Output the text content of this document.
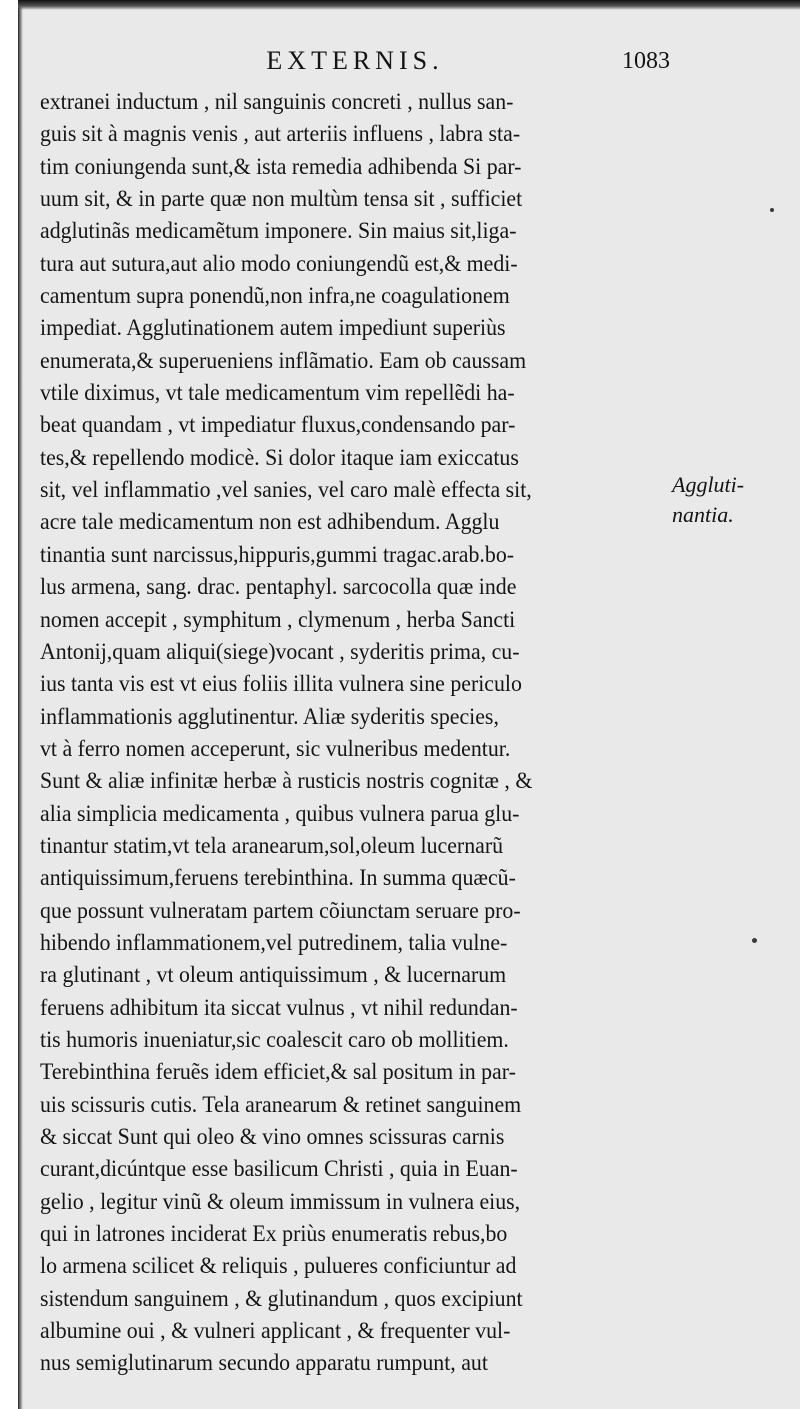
EXTERNIS.	1083
extranei inductum , nil sanguinis concreti , nullus san-
guis sit à magnis venis , aut arteriis influens , labra sta-
tim coniungenda sunt,& ista remedia adhibenda Si par-
uum sit, & in parte quæ non multùm tensa sit , sufficiet
adglutinãs medicamẽtum imponere. Sin maius sit,liga-
tura aut sutura,aut alio modo coniungendũ est,& medi-
camentum supra ponendũ,non infra,ne coagulationem
impediat. Agglutinationem autem impediunt superiùs
enumerata,& superueniens inflãmatio. Eam ob caussam
vtile diximus, vt tale medicamentum vim repellẽdi ha-
beat quandam , vt impediatur fluxus,condensando par-
tes,& repellendo modicè. Si dolor itaque iam exiccatus
sit, vel inflammatio ,vel sanies, vel caro malè effecta sit,
acre tale medicamentum non est adhibendum. Agglu
tinantia sunt narcissus,hippuris,gummi tragac.arab.bo-
lus armena, sang. drac. pentaphyl. sarcocolla quæ inde
nomen accepit , symphitum , clymenum , herba Sancti
Antonij,quam aliqui(siege)vocant , syderitis prima, cu-
ius tanta vis est vt eius foliis illita vulnera sine periculo
inflammationis agglutinentur. Aliæ syderitis species,
vt à ferro nomen acceperunt, sic vulneribus medentur.
Sunt & aliæ infinitæ herbæ à rusticis nostris cognitæ , &
alia simplicia medicamenta , quibus vulnera parua glu-
tinantur statim,vt tela aranearum,sol,oleum lucernarũ
antiquissimum,feruens terebinthina. In summa quæcũ-
que possunt vulneratam partem cõiunctam seruare pro-
hibendo inflammationem,vel putredinem, talia vulne-
ra glutinant , vt oleum antiquissimum , & lucernarum
feruens adhibitum ita siccat vulnus , vt nihil redundan-
tis humoris inueniatur,sic coalescit caro ob mollitiem.
Terebinthina feruẽs idem efficiet,& sal positum in par-
uis scissuris cutis. Tela aranearum & retinet sanguinem
& siccat Sunt qui oleo & vino omnes scissuras carnis
curant,dicúntque esse basilicum Christi , quia in Euan-
gelio , legitur vinũ & oleum immissum in vulnera eius,
qui in latrones inciderat Ex priùs enumeratis rebus,bo
lo armena scilicet & reliquis , pulueres conficiuntur ad
sistendum sanguinem , & glutinandum , quos excipiunt
albumine oui , & vulneri applicant , & frequenter vul-
nus semiglutinarum secundo apparatu rumpunt, aut
Aggluti-
nantia.
